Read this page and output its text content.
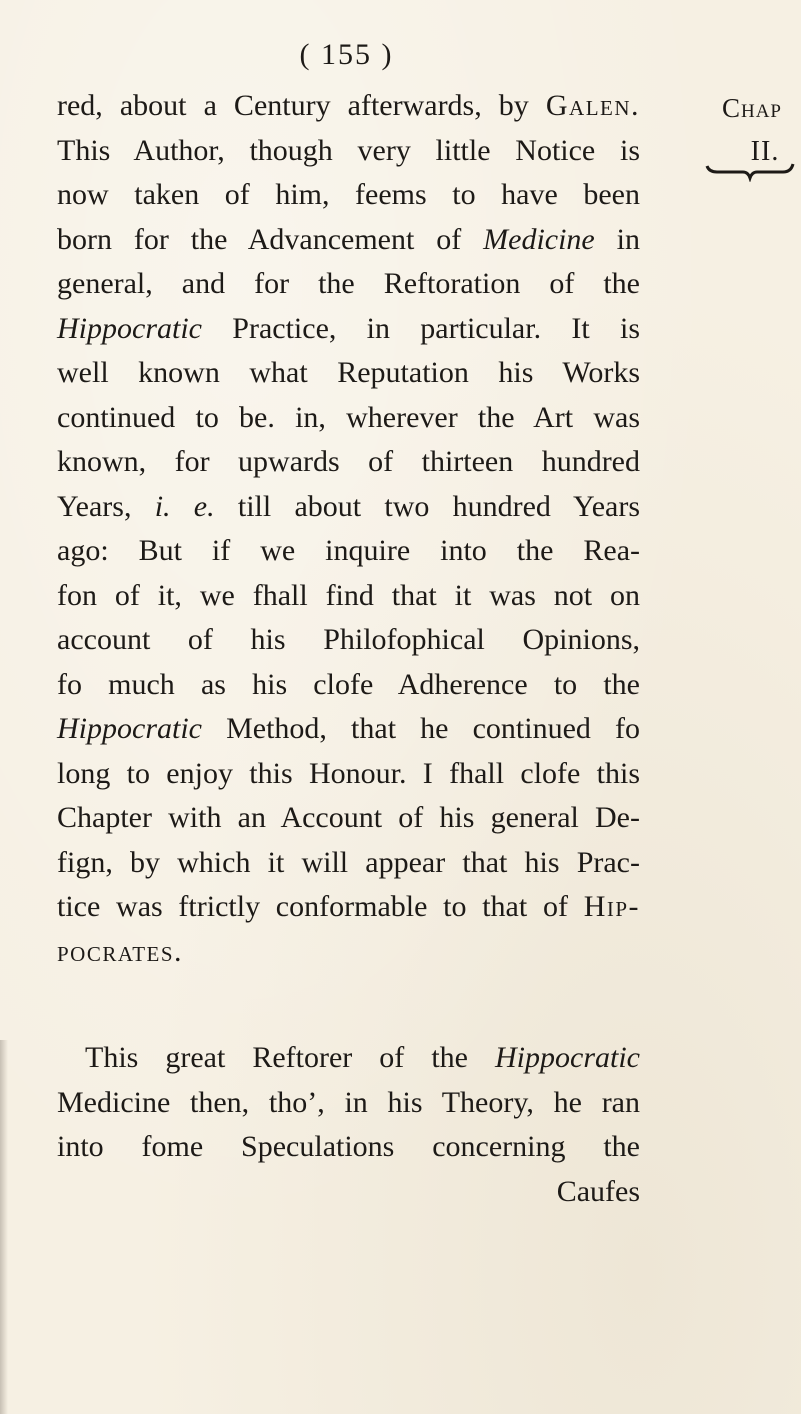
( 155 )
Chap
II.
red, about a Century afterwards, by Galen.
This Author, though very little Notice is
now taken of him, feems to have been
born for the Advancement of Medicine in
general, and for the Reftoration of the
Hippocratic Practice, in particular. It is
well known what Reputation his Works
continued to be. in, wherever the Art was
known, for upwards of thirteen hundred
Years, i. e. till about two hundred Years
ago: But if we inquire into the Rea-
fon of it, we fhall find that it was not on
account of his Philofophical Opinions,
fo much as his clofe Adherence to the
Hippocratic Method, that he continued fo
long to enjoy this Honour. I fhall clofe this
Chapter with an Account of his general De-
fign, by which it will appear that his Prac-
tice was ftrictly conformable to that of Hip-
pocrates.
This great Reftorer of the Hippocratic
Medicine then, tho’, in his Theory, he ran
into fome Speculations concerning the
Caufes
